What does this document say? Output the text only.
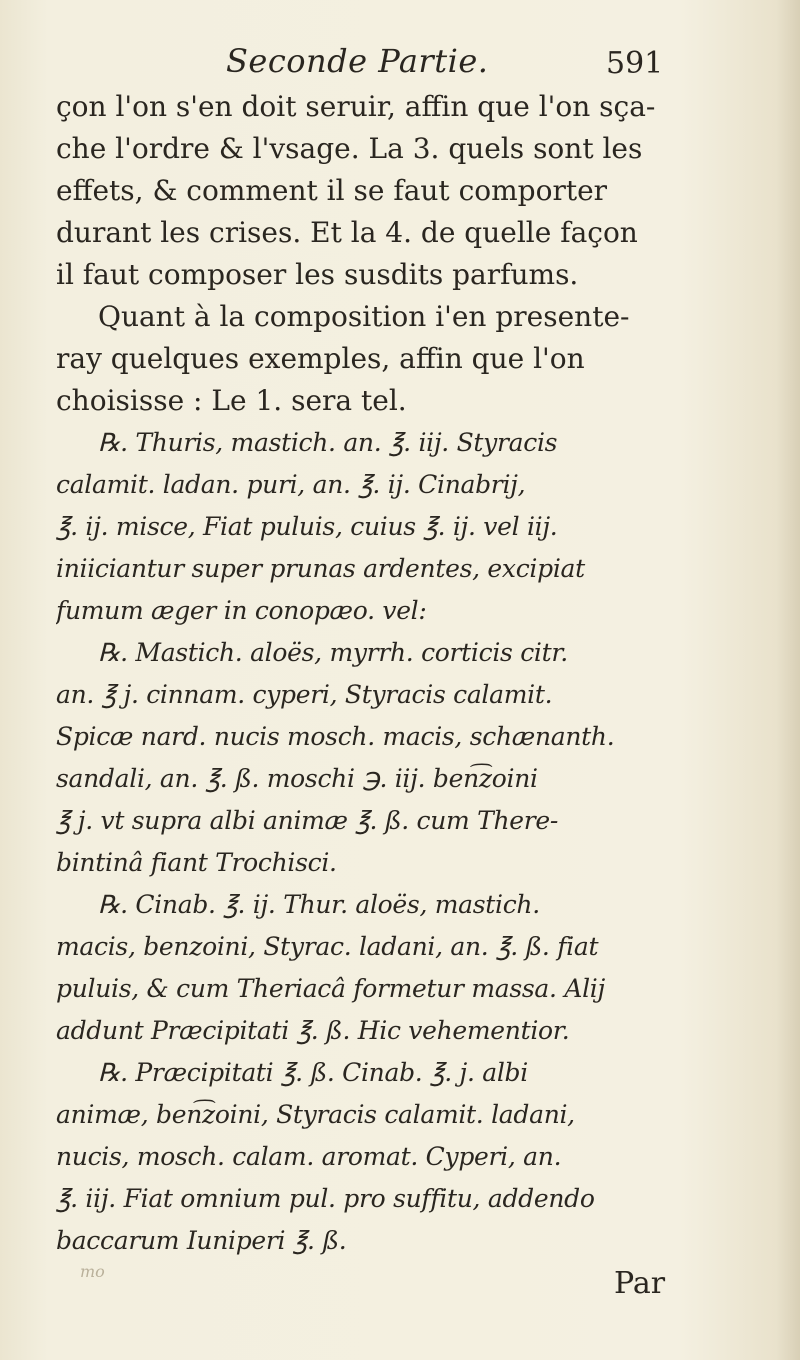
Seconde Partie.	591
çon l'on s'en doit seruir, affin que l'on sça-
che l'ordre & l'vsage. La 3. quels sont les
effets, & comment il se faut comporter
durant les crises. Et la 4. de quelle façon
il faut composer les susdits parfums.
Quant à la composition i'en presente-
ray quelques exemples, affin que l'on
choisisse : Le 1. sera tel.
℞. Thuris, mastich. an. ℥. iij. Styracis
calamit. ladan. puri, an. ℥. ij. Cinabrij,
℥. ij. misce, Fiat puluis, cuius ℥. ij. vel iij.
iniiciantur super prunas ardentes, excipiat
fumum æger in conopæo. vel:
℞. Mastich. aloës, myrrh. corticis citr.
an. ℥ j. cinnam. cyperi, Styracis calamit.
Spicæ nard. nucis mosch. macis, schænanth.
sandali, an. ℥. ß. moschi ℈. iij. ben͡zoini
℥ j. vt supra albi animæ ℥. ß. cum There-
bintinâ fiant Trochisci.
℞. Cinab. ℥. ij. Thur. aloës, mastich.
macis, benzoini, Styrac. ladani, an. ℥. ß. fiat
puluis, & cum Theriacâ formetur massa. Alij
addunt Præcipitati ℥. ß. Hic vehementior.
℞. Præcipitati ℥. ß. Cinab. ℥. j. albi
animæ, ben͡zoini, Styracis calamit. ladani,
nucis, mosch. calam. aromat. Cyperi, an.
℥. iij. Fiat omnium pul. pro suffitu, addendo
baccarum Iuniperi ℥. ß.
mo	Par
